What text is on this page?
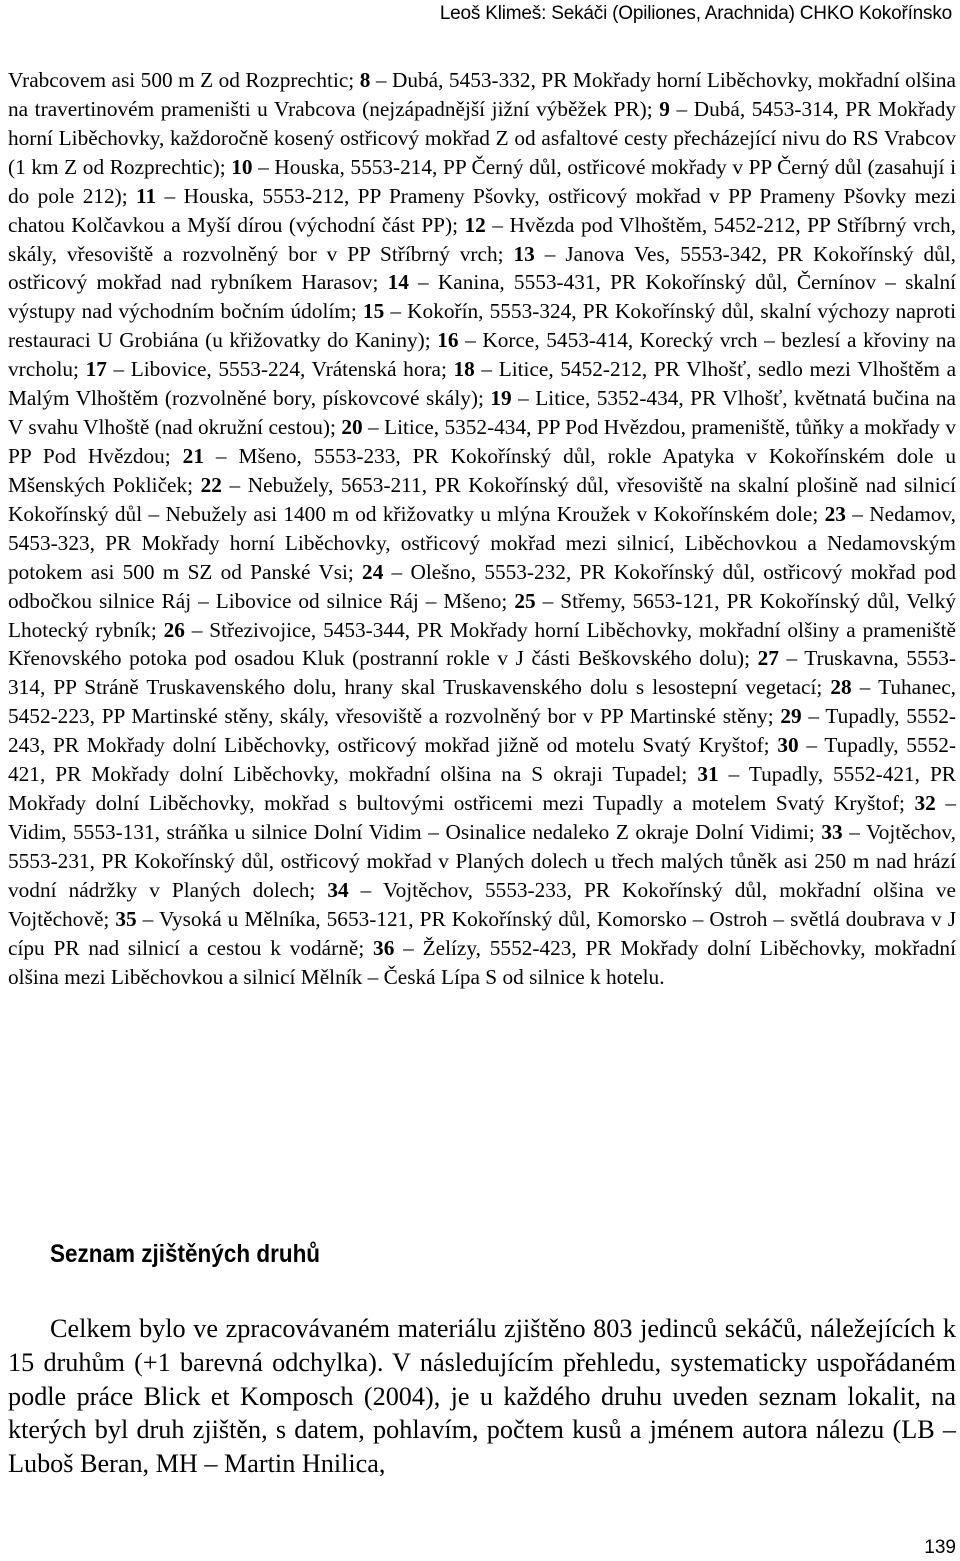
Leoš Klimeš: Sekáči (Opiliones, Arachnida) CHKO Kokořínsko

Vrabcovem asi 500 m Z od Rozprechtic; 8 – Dubá, 5453-332, PR Mokřady horní Liběchovky, mokřadní olšina na travertinovém prameništi u Vrabcova (nejzápadnější jižní výběžek PR); 9 – Dubá, 5453-314, PR Mokřady horní Liběchovky, každoročně kosený ostřicový mokřad Z od asfaltové cesty přecházející nivu do RS Vrabcov (1 km Z od Rozprechtic); 10 – Houska, 5553-214, PP Černý důl, ostřicové mokřady v PP Černý důl (zasahují i do pole 212); 11 – Houska, 5553-212, PP Prameny Pšovky, ostřicový mokřad v PP Prameny Pšovky mezi chatou Kolčavkou a Myší dírou (východní část PP); 12 – Hvězda pod Vlhoštěm, 5452-212, PP Stříbrný vrch, skály, vřesoviště a rozvolněný bor v PP Stříbrný vrch; 13 – Janova Ves, 5553-342, PR Kokořínský důl, ostřicový mokřad nad rybníkem Harasov; 14 – Kanina, 5553-431, PR Kokořínský důl, Černínov – skalní výstupy nad východním bočním údolím; 15 – Kokořín, 5553-324, PR Kokořínský důl, skalní výchozy naproti restauraci U Grobiána (u křižovatky do Kaniny); 16 – Korce, 5453-414, Korecký vrch – bezlesí a křoviny na vrcholu; 17 – Libovice, 5553-224, Vrátenská hora; 18 – Litice, 5452-212, PR Vlhošť, sedlo mezi Vlhoštěm a Malým Vlhoštěm (rozvolněné bory, pískovcové skály); 19 – Litice, 5352-434, PR Vlhošť, květnatá bučina na V svahu Vlhoště (nad okružní cestou); 20 – Litice, 5352-434, PP Pod Hvězdou, prameniště, tůňky a mokřady v PP Pod Hvězdou; 21 – Mšeno, 5553-233, PR Kokořínský důl, rokle Apatyka v Kokořínském dole u Mšenských Pokliček; 22 – Nebužely, 5653-211, PR Kokořínský důl, vřesoviště na skalní plošině nad silnicí Kokořínský důl – Nebužely asi 1400 m od křižovatky u mlýna Kroužek v Kokořínském dole; 23 – Nedamov, 5453-323, PR Mokřady horní Liběchovky, ostřicový mokřad mezi silnicí, Liběchovkou a Nedamovským potokem asi 500 m SZ od Panské Vsi; 24 – Olešno, 5553-232, PR Kokořínský důl, ostřicový mokřad pod odbočkou silnice Ráj – Libovice od silnice Ráj – Mšeno; 25 – Střemy, 5653-121, PR Kokořínský důl, Velký Lhotecký rybník; 26 – Střezivojice, 5453-344, PR Mokřady horní Liběchovky, mokřadní olšiny a prameniště Křenovského potoka pod osadou Kluk (postranní rokle v J části Beškovského dolu); 27 – Truskavna, 5553-314, PP Stráně Truskavenského dolu, hrany skal Truskavenského dolu s lesostepní vegetací; 28 – Tuhanec, 5452-223, PP Martinské stěny, skály, vřesoviště a rozvolněný bor v PP Martinské stěny; 29 – Tupadly, 5552-243, PR Mokřady dolní Liběchovky, ostřicový mokřad jižně od motelu Svatý Kryštof; 30 – Tupadly, 5552-421, PR Mokřady dolní Liběchovky, mokřadní olšina na S okraji Tupadel; 31 – Tupadly, 5552-421, PR Mokřady dolní Liběchovky, mokřad s bultovými ostřicemi mezi Tupadly a motelem Svatý Kryštof; 32 – Vidim, 5553-131, stráňka u silnice Dolní Vidim – Osinalice nedaleko Z okraje Dolní Vidimi; 33 – Vojtěchov, 5553-231, PR Kokořínský důl, ostřicový mokřad v Planých dolech u třech malých tůněk asi 250 m nad hrází vodní nádržky v Planých dolech; 34 – Vojtěchov, 5553-233, PR Kokořínský důl, mokřadní olšina ve Vojtěchově; 35 – Vysoká u Mělníka, 5653-121, PR Kokořínský důl, Komorsko – Ostroh – světlá doubrava v J cípu PR nad silnicí a cestou k vodárně; 36 – Želízy, 5552-423, PR Mokřady dolní Liběchovky, mokřadní olšina mezi Liběchovkou a silnicí Mělník – Česká Lípa S od silnice k hotelu.

Seznam zjištěných druhů

Celkem bylo ve zpracovávaném materiálu zjištěno 803 jedinců sekáčů, náležejících k 15 druhům (+1 barevná odchylka). V následujícím přehledu, systematicky uspořádaném podle práce Blick et Komposch (2004), je u každého druhu uveden seznam lokalit, na kterých byl druh zjištěn, s datem, pohlavím, počtem kusů a jménem autora nálezu (LB – Luboš Beran, MH – Martin Hnilica,

139
